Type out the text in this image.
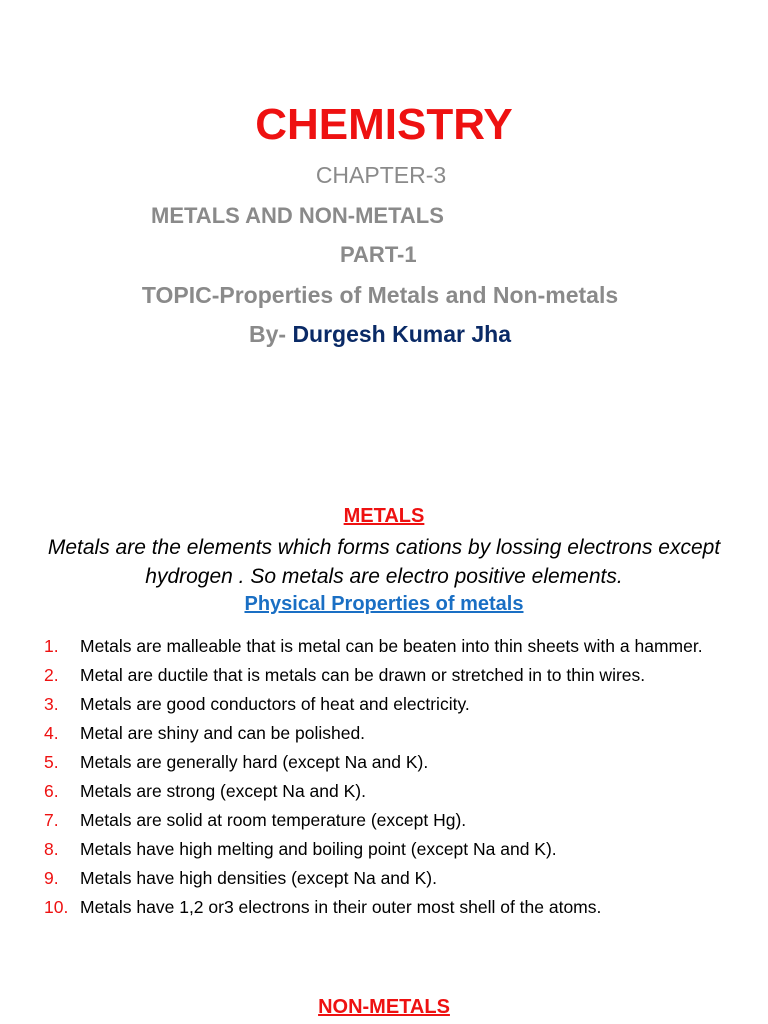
CHEMISTRY
CHAPTER-3
METALS AND NON-METALS
PART-1
TOPIC-Properties of Metals and Non-metals
By- Durgesh Kumar Jha
METALS
Metals are the elements which forms cations by lossing electrons except hydrogen . So metals are electro positive elements.
Physical Properties of metals
1. Metals are malleable that is metal can be beaten into thin sheets with a hammer.
2. Metal are ductile that is metals can be drawn or stretched in to thin wires.
3. Metals are good conductors of heat and electricity.
4. Metal are shiny and can be polished.
5. Metals are generally hard (except Na and K).
6. Metals are strong (except Na and K).
7. Metals are solid at room temperature (except Hg).
8. Metals have high melting and boiling point (except Na and K).
9. Metals have high densities (except Na and K).
10. Metals have 1,2 or3 electrons in their outer most shell of the atoms.
NON-METALS
